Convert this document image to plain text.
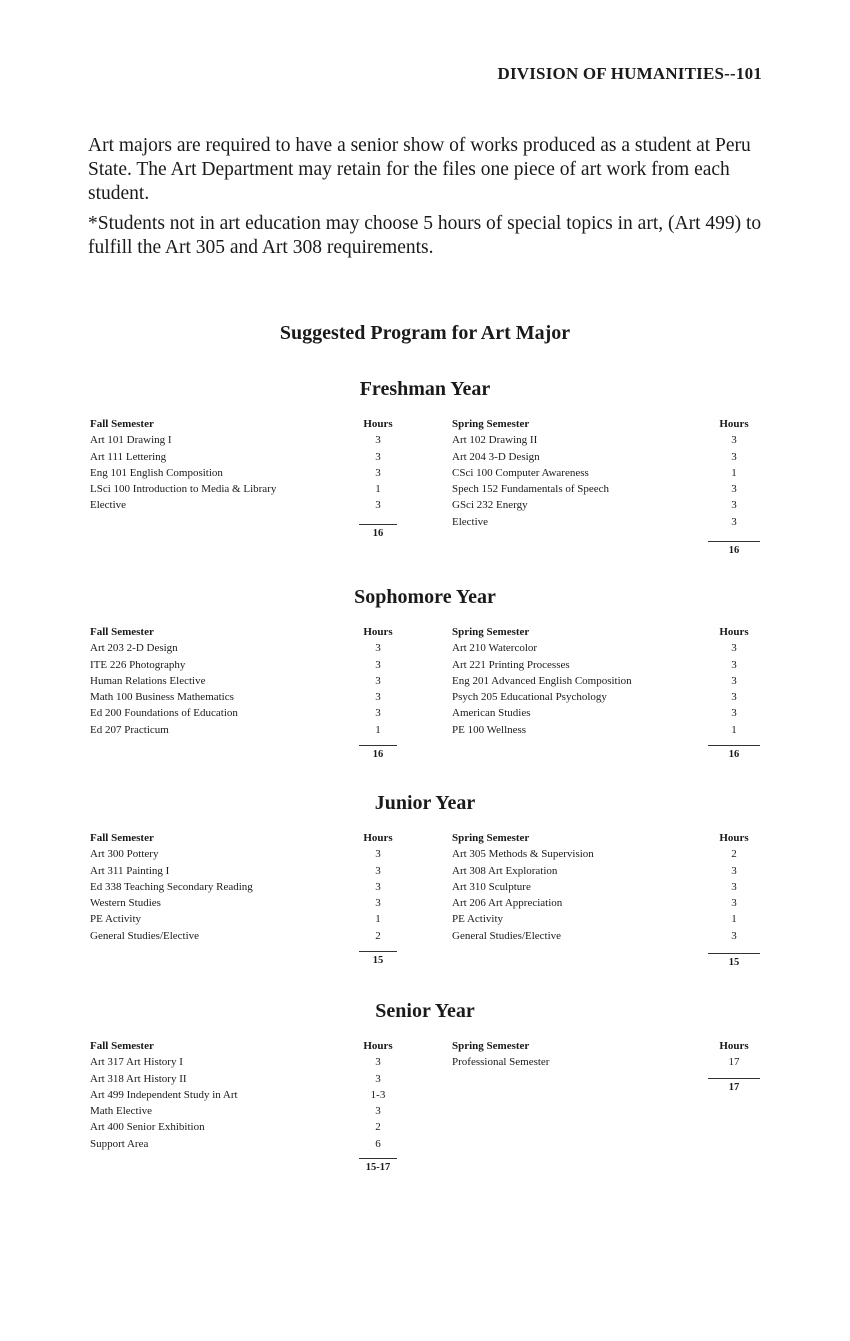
DIVISION OF HUMANITIES--101

Art majors are required to have a senior show of works produced as a student at Peru State. The Art Department may retain for the files one piece of art work from each student.

*Students not in art education may choose 5 hours of special topics in art, (Art 499) to fulfill the Art 305 and Art 308 requirements.

Suggested Program for Art Major
Freshman Year
Fall Semester
Art 101 Drawing I
Art 111 Lettering
Eng 101 English Composition
LSci 100 Introduction to Media & Library
Elective
Hours
3
3
3
1
3
16
Spring Semester
Art 102 Drawing II
Art 204 3-D Design
CSci 100 Computer Awareness
Spech 152 Fundamentals of Speech
GSci 232 Energy
Elective
Hours
3
3
1
3
3
3
16
Sophomore Year
Fall Semester
Art 203 2-D Design
ITE 226 Photography
Human Relations Elective
Math 100 Business Mathematics
Ed 200 Foundations of Education
Ed 207 Practicum
Hours
3
3
3
3
3
1
16
Spring Semester
Art 210 Watercolor
Art 221 Printing Processes
Eng 201 Advanced English Composition
Psych 205 Educational Psychology
American Studies
PE 100 Wellness
Hours
3
3
3
3
3
1
16
Junior Year
Fall Semester
Art 300 Pottery
Art 311 Painting I
Ed 338 Teaching Secondary Reading
Western Studies
PE Activity
General Studies/Elective
Hours
3
3
3
3
1
2
15
Spring Semester
Art 305 Methods & Supervision
Art 308 Art Exploration
Art 310 Sculpture
Art 206 Art Appreciation
PE Activity
General Studies/Elective
Hours
2
3
3
3
1
3
15
Senior Year
Fall Semester
Art 317 Art History I
Art 318 Art History II
Art 499 Independent Study in Art
Math Elective
Art 400 Senior Exhibition
Support Area
Hours
3
3
1-3
3
2
6
15-17
Spring Semester
Professional Semester
Hours
17
17
